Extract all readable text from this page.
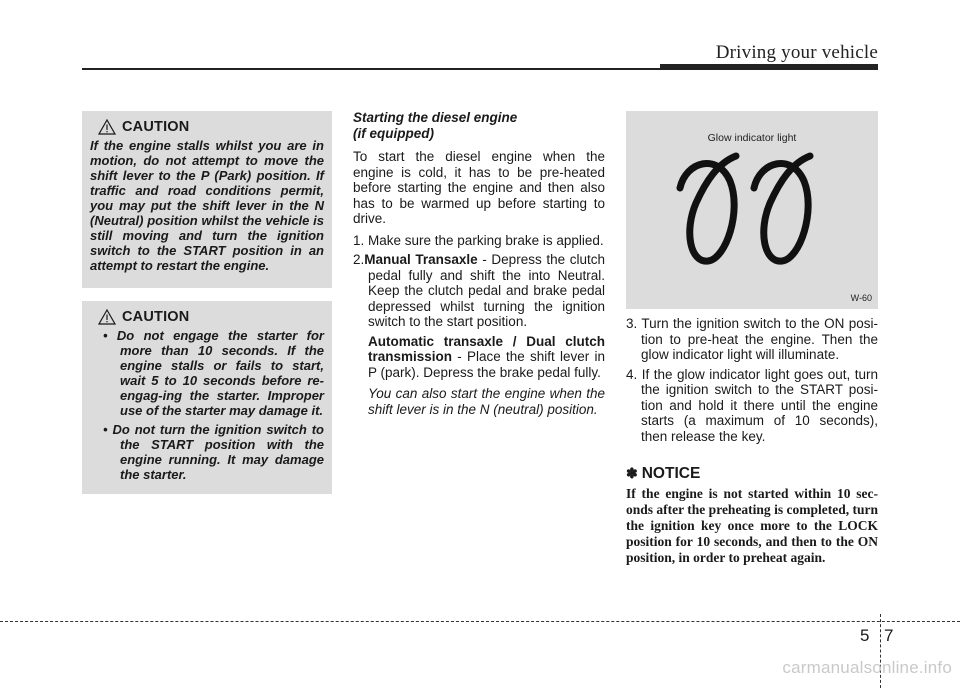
Driving your vehicle
CAUTION

If the engine stalls whilst you are in motion, do not attempt to move the shift lever to the P (Park) position. If traffic and road conditions permit, you may put the shift lever in the N (Neutral) position whilst the vehicle is still moving and turn the ignition switch to the START position in an attempt to restart the engine.

CAUTION
• Do not engage the starter for more than 10 seconds. If the engine stalls or fails to start, wait 5 to 10 seconds before re-engag-ing the starter. Improper use of the starter may damage it.
• Do not turn the ignition switch to the START position with the engine running. It may damage the starter.
Starting the diesel engine
(if equipped)

To start the diesel engine when the engine is cold, it has to be pre-heated before starting the engine and then also has to be warmed up before starting to drive.

1. Make sure the parking brake is applied.

2.Manual Transaxle - Depress the clutch pedal fully and shift the into Neutral. Keep the clutch pedal and brake pedal depressed whilst turning the ignition switch to the start position.

Automatic transaxle / Dual clutch transmission - Place the shift lever in P (park). Depress the brake pedal fully.

You can also start the engine when the shift lever is in the N (neutral) position.

Glow indicator light
W-60

3. Turn the ignition switch to the ON posi-tion to pre-heat the engine. Then the glow indicator light will illuminate.

4. If the glow indicator light goes out, turn the ignition switch to the START posi-tion and hold it there until the engine starts (a maximum of 10 seconds), then release the key.

✽ NOTICE

If the engine is not started within 10 sec-onds after the preheating is completed, turn the ignition key once more to the LOCK position for 10 seconds, and then to the ON position, in order to preheat again.

5 7
carmanualsonline.info
